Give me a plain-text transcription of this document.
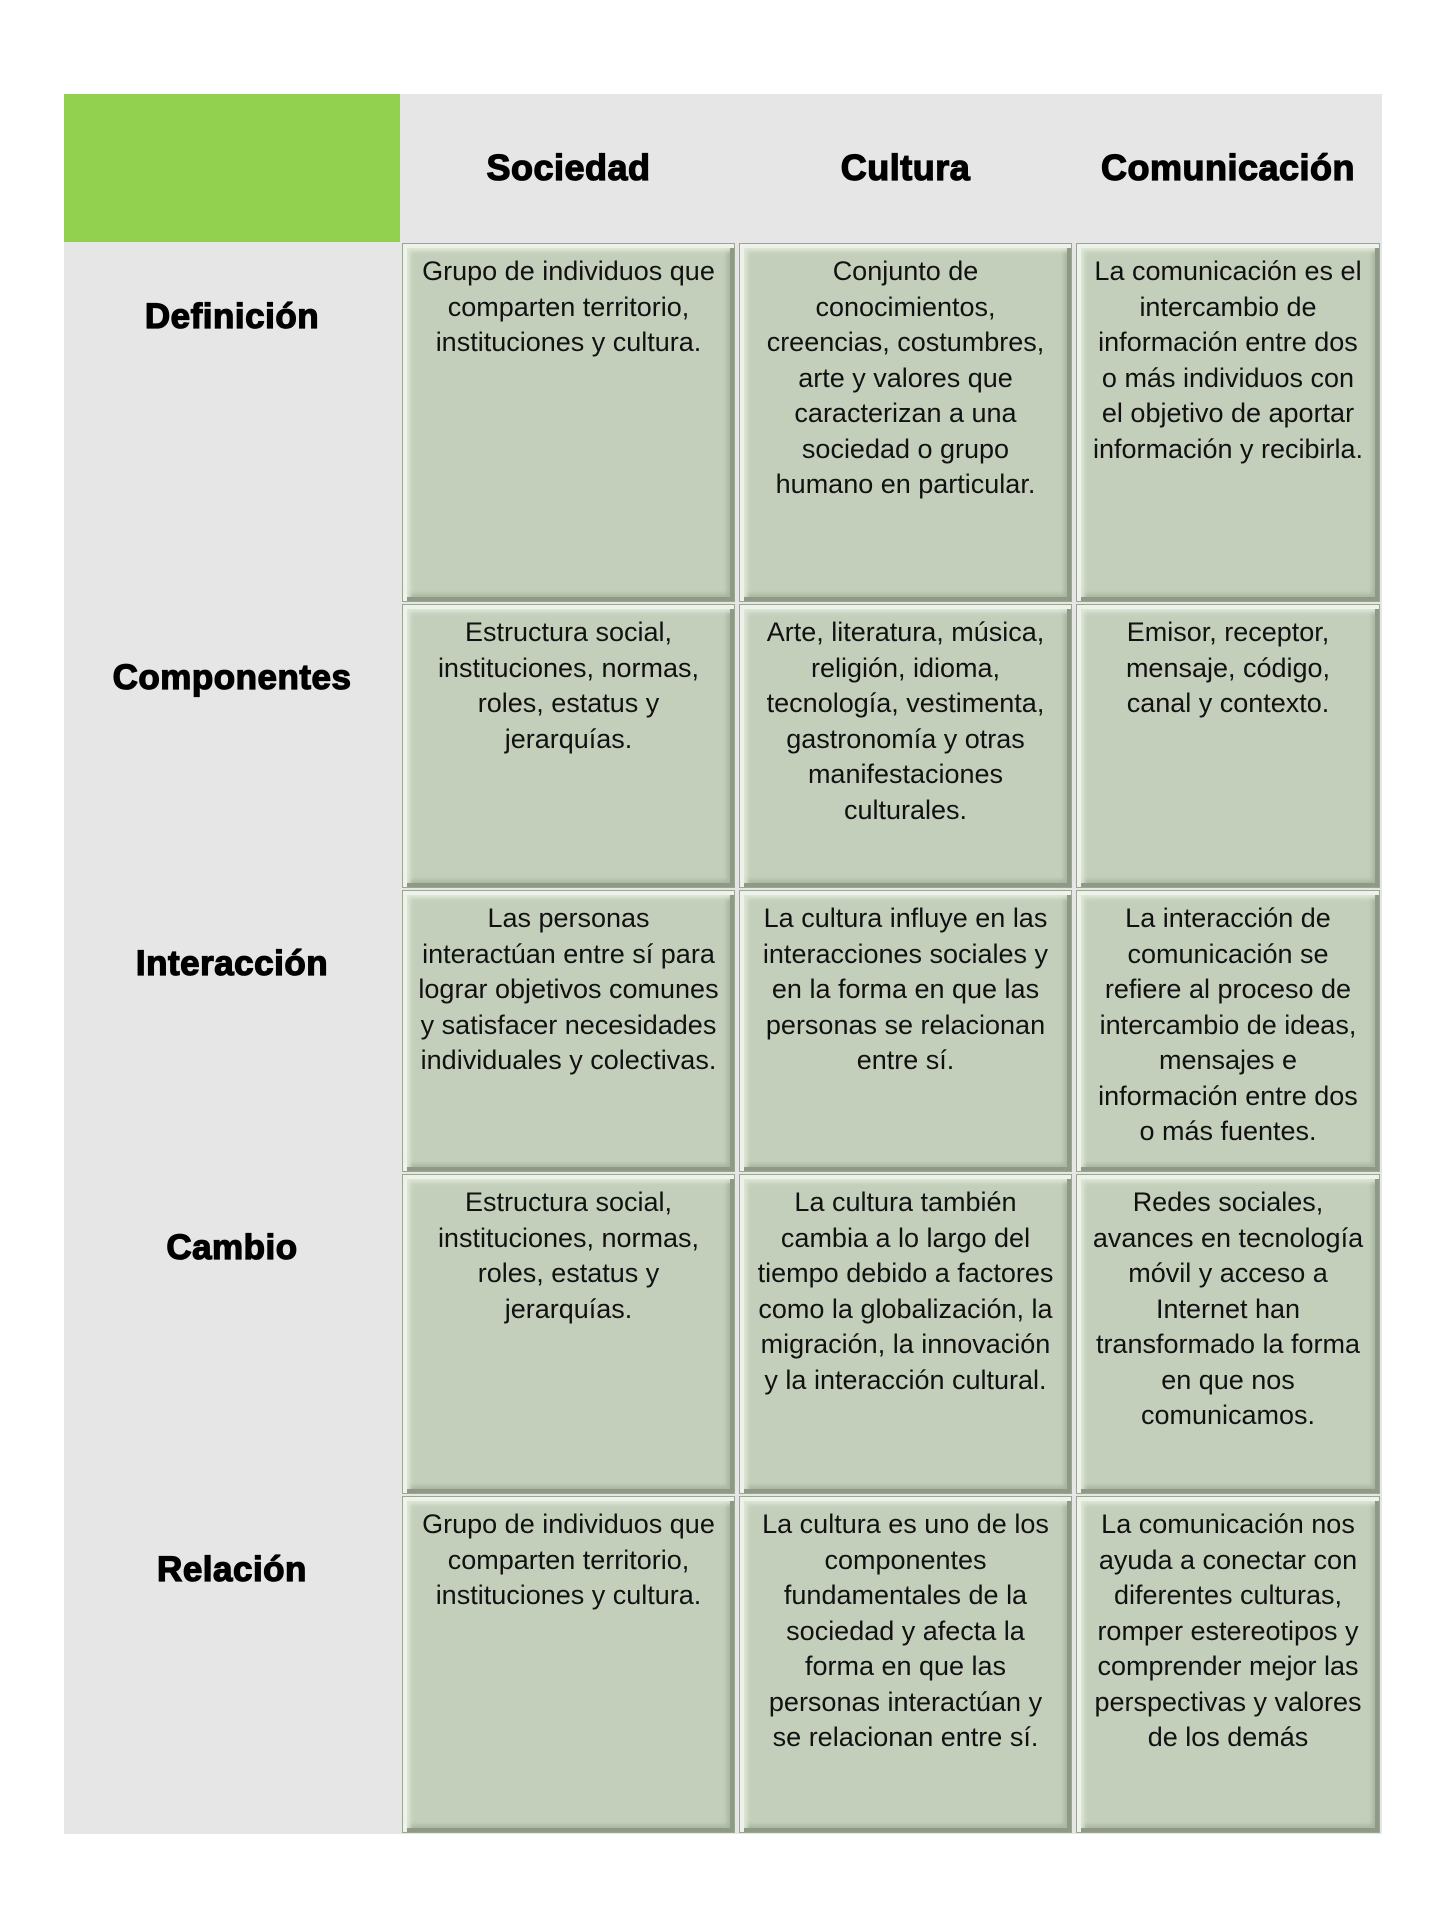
Sociedad	Cultura	Comunicación
Definición
Grupo de individuos que comparten territorio, instituciones y cultura.
Conjunto de conocimientos, creencias, costumbres, arte y valores que caracterizan a una sociedad o grupo humano en particular.
La comunicación es el intercambio de información entre dos o más individuos con el objetivo de aportar información y recibirla.
Componentes
Estructura social, instituciones, normas, roles, estatus y jerarquías.
Arte, literatura, música, religión, idioma, tecnología, vestimenta, gastronomía y otras manifestaciones culturales.
Emisor, receptor, mensaje, código, canal y contexto.
Interacción
Las personas interactúan entre sí para lograr objetivos comunes y satisfacer necesidades individuales y colectivas.
La cultura influye en las interacciones sociales y en la forma en que las personas se relacionan entre sí.
La interacción de comunicación se refiere al proceso de intercambio de ideas, mensajes e información entre dos o más fuentes.
Cambio
Estructura social, instituciones, normas, roles, estatus y jerarquías.
La cultura también cambia a lo largo del tiempo debido a factores como la globalización, la migración, la innovación y la interacción cultural.
Redes sociales, avances en tecnología móvil y acceso a Internet han transformado la forma en que nos comunicamos.
Relación
Grupo de individuos que comparten territorio, instituciones y cultura.
La cultura es uno de los componentes fundamentales de la sociedad y afecta la forma en que las personas interactúan y se relacionan entre sí.
La comunicación nos ayuda a conectar con diferentes culturas, romper estereotipos y comprender mejor las perspectivas y valores de los demás
